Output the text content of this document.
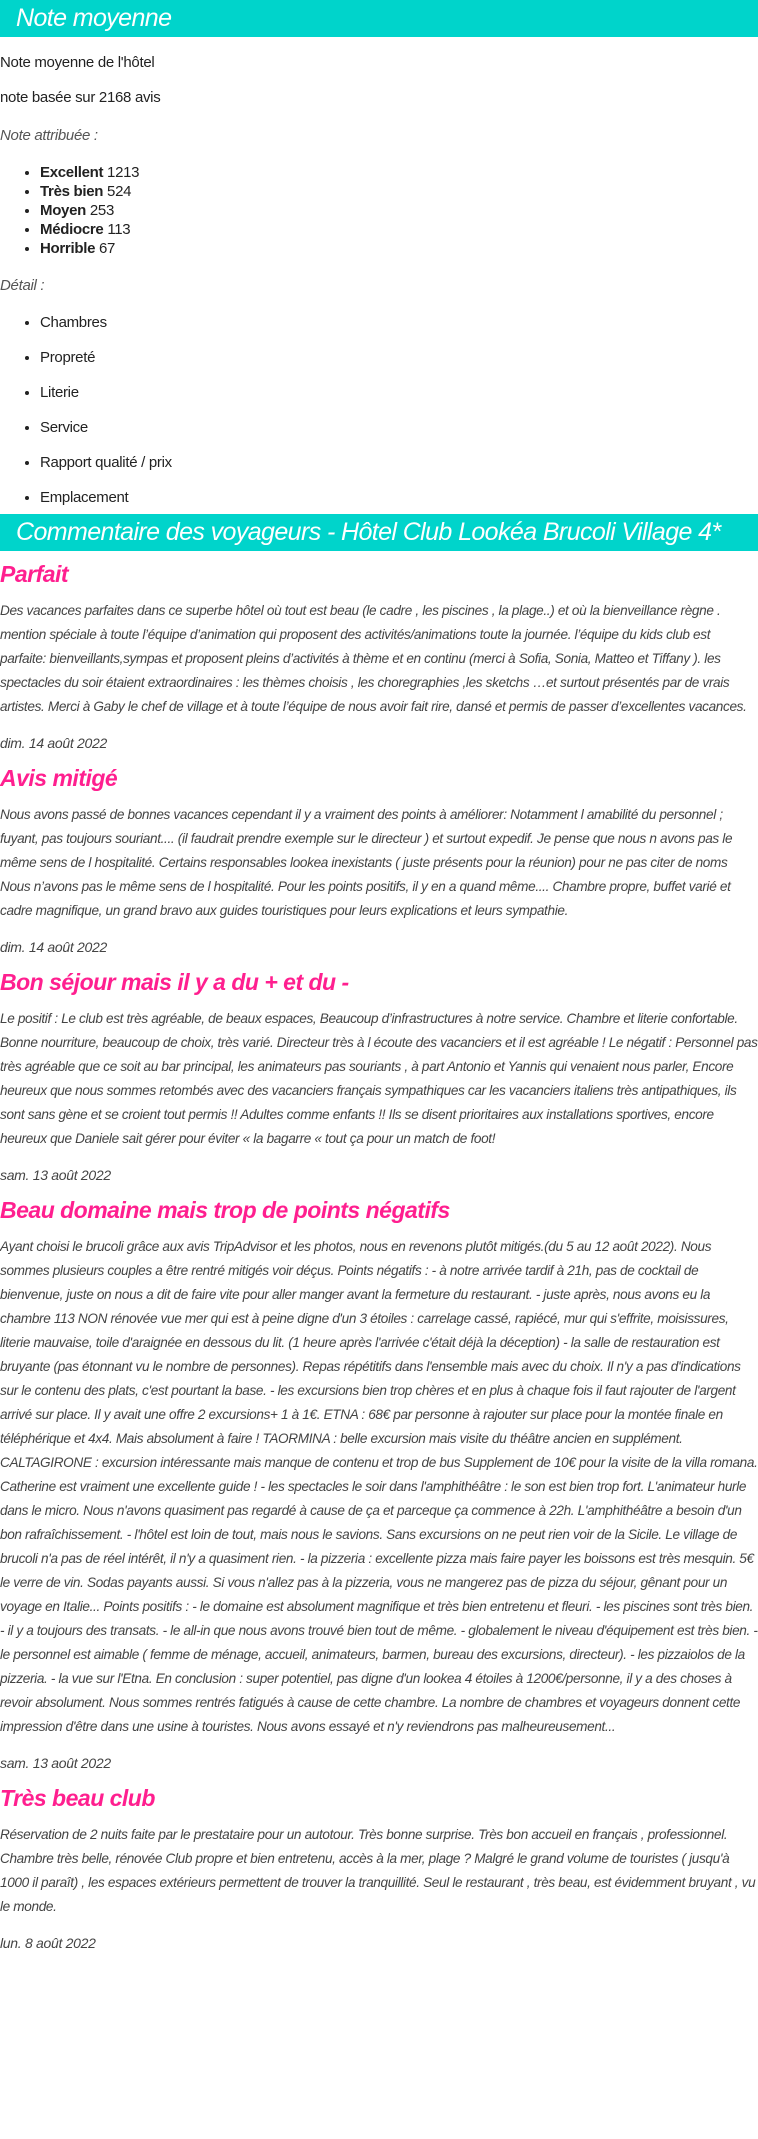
Note moyenne

Note moyenne de l'hôtel

note basée sur 2168 avis

Note attribuée :

• Excellent 1213
• Très bien 524
• Moyen 253
• Médiocre 113
• Horrible 67

Détail :

• Chambres
• Propreté
• Literie
• Service
• Rapport qualité / prix
• Emplacement
Commentaire des voyageurs - Hôtel Club Lookéa Brucoli Village 4*
Parfait

Des vacances parfaites dans ce superbe hôtel où tout est beau (le cadre , les piscines , la plage..) et où la bienveillance règne . mention spéciale à toute l’équipe d’animation qui proposent des activités/animations toute la journée. l’équipe du kids club est parfaite: bienveillants,sympas et proposent pleins d’activités à thème et en continu (merci à Sofia, Sonia, Matteo et Tiffany ). les spectacles du soir étaient extraordinaires : les thèmes choisis , les choregraphies ,les sketchs …et surtout présentés par de vrais artistes. Merci à Gaby le chef de village et à toute l’équipe de nous avoir fait rire, dansé et permis de passer d’excellentes vacances.

dim. 14 août 2022

Avis mitigé

Nous avons passé de bonnes vacances cependant il y a vraiment des points à améliorer: Notamment l amabilité du personnel ; fuyant, pas toujours souriant.... (il faudrait prendre exemple sur le directeur ) et surtout expedif. Je pense que nous n avons pas le même sens de l hospitalité. Certains responsables lookea inexistants ( juste présents pour la réunion) pour ne pas citer de noms Nous n’avons pas le même sens de l hospitalité. Pour les points positifs, il y en a quand même.... Chambre propre, buffet varié et cadre magnifique, un grand bravo aux guides touristiques pour leurs explications et leurs sympathie.

dim. 14 août 2022

Bon séjour mais il y a du + et du -

Le positif : Le club est très agréable, de beaux espaces, Beaucoup d’infrastructures à notre service. Chambre et literie confortable. Bonne nourriture, beaucoup de choix, très varié. Directeur très à l écoute des vacanciers et il est agréable ! Le négatif : Personnel pas très agréable que ce soit au bar principal, les animateurs pas souriants , à part Antonio et Yannis qui venaient nous parler, Encore heureux que nous sommes retombés avec des vacanciers français sympathiques car les vacanciers italiens très antipathiques, ils sont sans gène et se croient tout permis !! Adultes comme enfants !! Ils se disent prioritaires aux installations sportives, encore heureux que Daniele sait gérer pour éviter « la bagarre « tout ça pour un match de foot!

sam. 13 août 2022

Beau domaine mais trop de points négatifs

Ayant choisi le brucoli grâce aux avis TripAdvisor et les photos, nous en revenons plutôt mitigés.(du 5 au 12 août 2022). Nous sommes plusieurs couples a être rentré mitigés voir déçus. Points négatifs : - à notre arrivée tardif à 21h, pas de cocktail de bienvenue, juste on nous a dit de faire vite pour aller manger avant la fermeture du restaurant. - juste après, nous avons eu la chambre 113 NON rénovée vue mer qui est à peine digne d'un 3 étoiles : carrelage cassé, rapiécé, mur qui s'effrite, moisissures, literie mauvaise, toile d'araignée en dessous du lit. (1 heure après l'arrivée c'était déjà la déception) - la salle de restauration est bruyante (pas étonnant vu le nombre de personnes). Repas répétitifs dans l'ensemble mais avec du choix. Il n'y a pas d'indications sur le contenu des plats, c'est pourtant la base. - les excursions bien trop chères et en plus à chaque fois il faut rajouter de l'argent arrivé sur place. Il y avait une offre 2 excursions+ 1 à 1€. ETNA : 68€ par personne à rajouter sur place pour la montée finale en téléphérique et 4x4. Mais absolument à faire ! TAORMINA : belle excursion mais visite du théâtre ancien en supplément. CALTAGIRONE : excursion intéressante mais manque de contenu et trop de bus Supplement de 10€ pour la visite de la villa romana. Catherine est vraiment une excellente guide ! - les spectacles le soir dans l'amphithéâtre : le son est bien trop fort. L'animateur hurle dans le micro. Nous n'avons quasiment pas regardé à cause de ça et parceque ça commence à 22h. L'amphithéâtre a besoin d'un bon rafraîchissement. - l'hôtel est loin de tout, mais nous le savions. Sans excursions on ne peut rien voir de la Sicile. Le village de brucoli n'a pas de réel intérêt, il n'y a quasiment rien. - la pizzeria : excellente pizza mais faire payer les boissons est très mesquin. 5€ le verre de vin. Sodas payants aussi. Si vous n'allez pas à la pizzeria, vous ne mangerez pas de pizza du séjour, gênant pour un voyage en Italie... Points positifs : - le domaine est absolument magnifique et très bien entretenu et fleuri. - les piscines sont très bien. - il y a toujours des transats. - le all-in que nous avons trouvé bien tout de même. - globalement le niveau d'équipement est très bien. - le personnel est aimable ( femme de ménage, accueil, animateurs, barmen, bureau des excursions, directeur). - les pizzaiolos de la pizzeria. - la vue sur l'Etna. En conclusion : super potentiel, pas digne d'un lookea 4 étoiles à 1200€/personne, il y a des choses à revoir absolument. Nous sommes rentrés fatigués à cause de cette chambre. La nombre de chambres et voyageurs donnent cette impression d'être dans une usine à touristes. Nous avons essayé et n'y reviendrons pas malheureusement...

sam. 13 août 2022

Très beau club

Réservation de 2 nuits faite par le prestataire pour un autotour. Très bonne surprise. Très bon accueil en français , professionnel. Chambre très belle, rénovée Club propre et bien entretenu, accès à la mer, plage ? Malgré le grand volume de touristes ( jusqu'à 1000 il paraît) , les espaces extérieurs permettent de trouver la tranquillité. Seul le restaurant , très beau, est évidemment bruyant , vu le monde.

lun. 8 août 2022
